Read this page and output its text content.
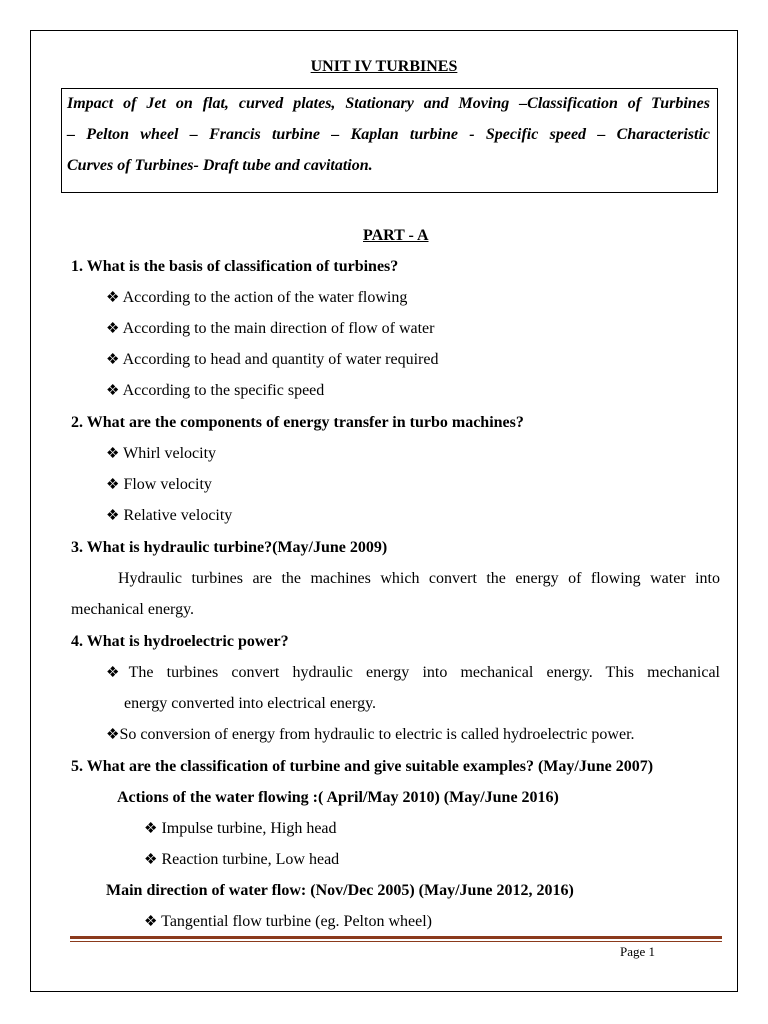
UNIT IV TURBINES
Impact of Jet on flat, curved plates, Stationary and Moving –Classification of Turbines
– Pelton wheel – Francis turbine – Kaplan turbine - Specific speed – Characteristic
Curves of Turbines- Draft tube and cavitation.
PART - A
1. What is the basis of classification of turbines?
❖ According to the action of the water flowing
❖ According to the main direction of flow of water
❖ According to head and quantity of water required
❖ According to the specific speed
2. What are the components of energy transfer in turbo machines?
❖ Whirl velocity
❖ Flow velocity
❖ Relative velocity
3. What is hydraulic turbine?(May/June 2009)
Hydraulic turbines are the machines which convert the energy of flowing water into
mechanical energy.
4. What is hydroelectric power?
❖The turbines convert hydraulic energy into mechanical energy. This mechanical
energy converted into electrical energy.
❖So conversion of energy from hydraulic to electric is called hydroelectric power.
5. What are the classification of turbine and give suitable examples? (May/June 2007)
Actions of the water flowing :( April/May 2010) (May/June 2016)
❖ Impulse turbine, High head
❖ Reaction turbine, Low head
Main direction of water flow: (Nov/Dec 2005) (May/June 2012, 2016)
❖ Tangential flow turbine (eg. Pelton wheel)
Page 1
